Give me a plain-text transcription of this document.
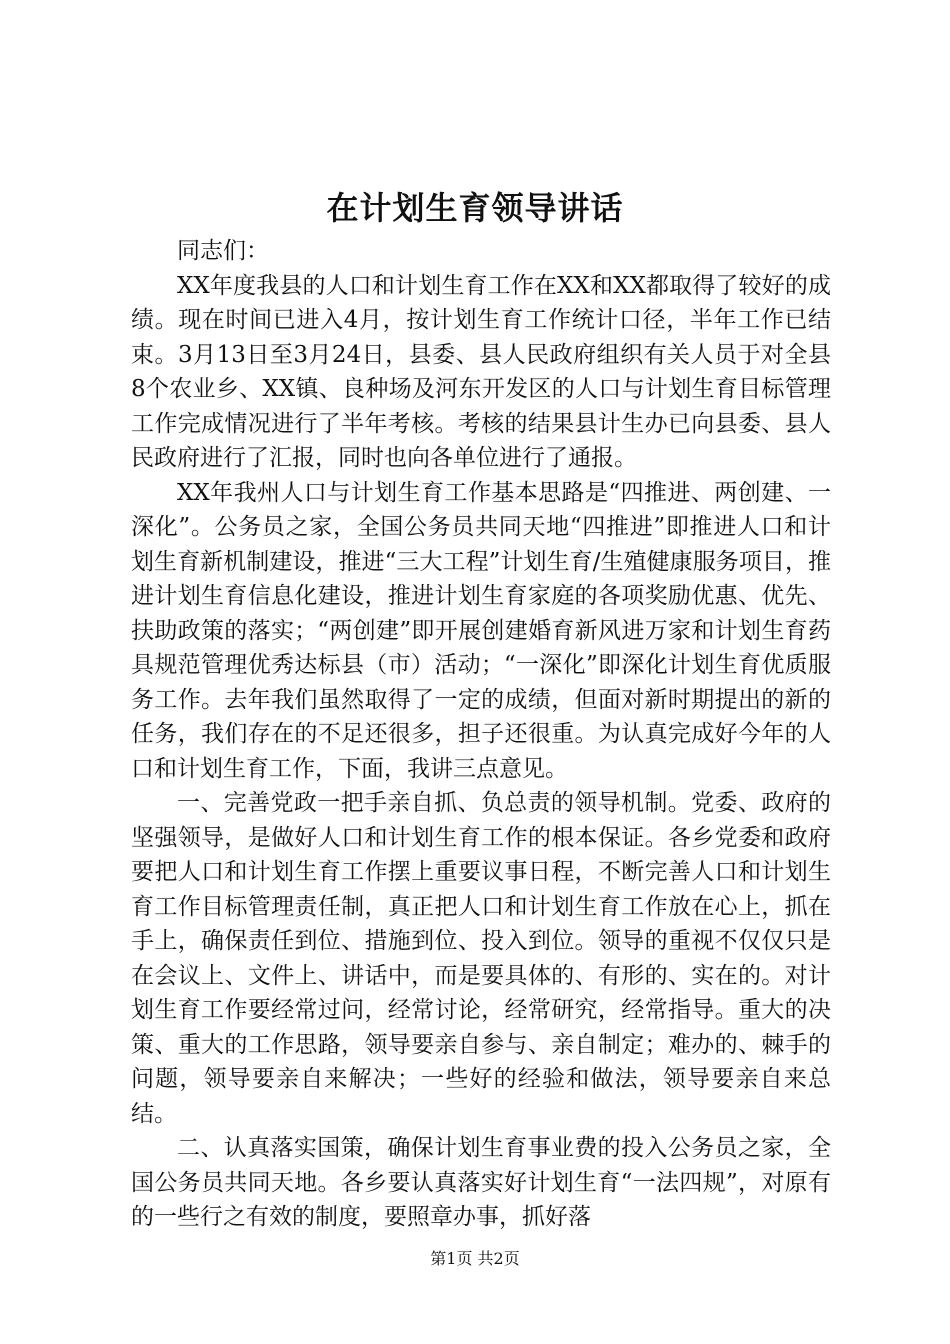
在计划生育领导讲话

同志们：

XX年度我县的人口和计划生育工作在XX和XX都取得了较好的成绩。现在时间已进入4月，按计划生育工作统计口径，半年工作已结束。3月13日至3月24日，县委、县人民政府组织有关人员于对全县8个农业乡、XX镇、良种场及河东开发区的人口与计划生育目标管理工作完成情况进行了半年考核。考核的结果县计生办已向县委、县人民政府进行了汇报，同时也向各单位进行了通报。

XX年我州人口与计划生育工作基本思路是“四推进、两创建、一深化”。公务员之家，全国公务员共同天地“四推进”即推进人口和计划生育新机制建设，推进“三大工程”计划生育/生殖健康服务项目，推进计划生育信息化建设，推进计划生育家庭的各项奖励优惠、优先、扶助政策的落实；“两创建”即开展创建婚育新风进万家和计划生育药具规范管理优秀达标县（市）活动；“一深化”即深化计划生育优质服务工作。去年我们虽然取得了一定的成绩，但面对新时期提出的新的任务，我们存在的不足还很多，担子还很重。为认真完成好今年的人口和计划生育工作，下面，我讲三点意见。

一、完善党政一把手亲自抓、负总责的领导机制。党委、政府的坚强领导，是做好人口和计划生育工作的根本保证。各乡党委和政府要把人口和计划生育工作摆上重要议事日程，不断完善人口和计划生育工作目标管理责任制，真正把人口和计划生育工作放在心上，抓在手上，确保责任到位、措施到位、投入到位。领导的重视不仅仅只是在会议上、文件上、讲话中，而是要具体的、有形的、实在的。对计划生育工作要经常过问，经常讨论，经常研究，经常指导。重大的决策、重大的工作思路，领导要亲自参与、亲自制定；难办的、棘手的问题，领导要亲自来解决；一些好的经验和做法，领导要亲自来总结。

二、认真落实国策，确保计划生育事业费的投入公务员之家，全国公务员共同天地。各乡要认真落实好计划生育“一法四规”，对原有的一些行之有效的制度，要照章办事，抓好落

第1页 共2页
